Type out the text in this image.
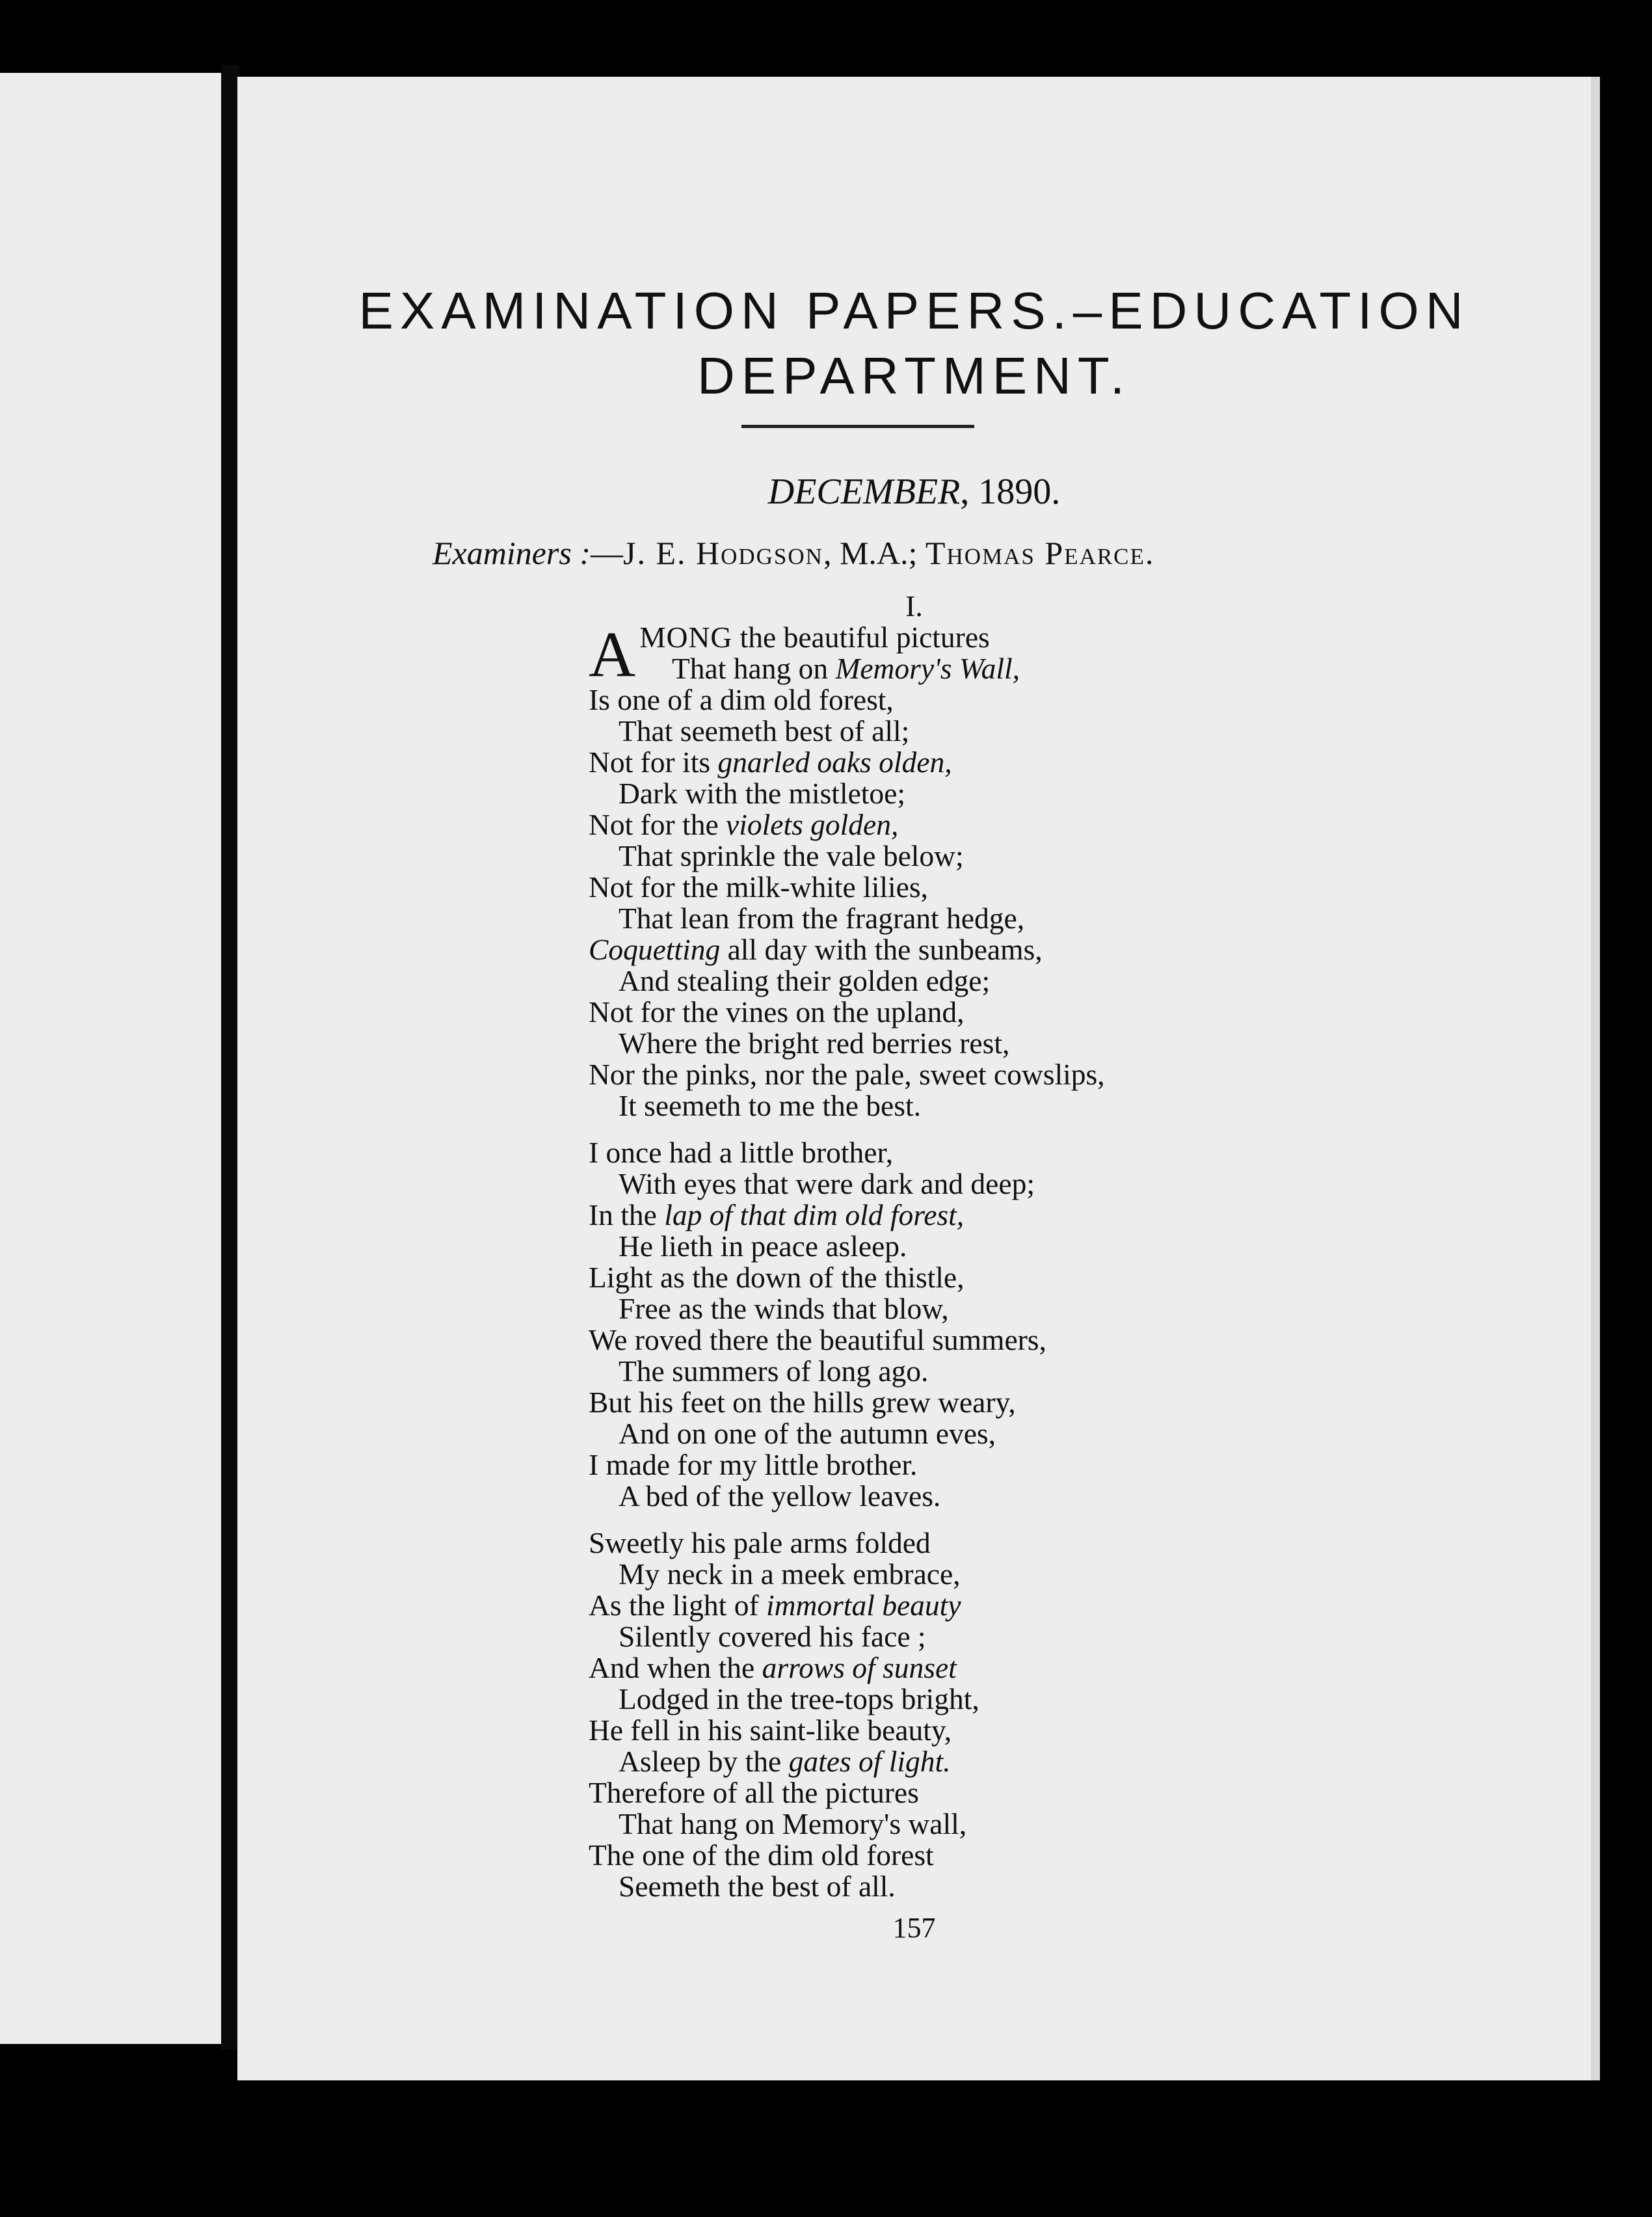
EXAMINATION PAPERS.–EDUCATION
DEPARTMENT.
DECEMBER, 1890.
Examiners :—J. E. Hodgson, M.A.; Thomas Pearce.
I.
A MONG the beautiful pictures
That hang on Memory's Wall,
Is one of a dim old forest,
That seemeth best of all;
Not for its gnarled oaks olden,
Dark with the mistletoe;
Not for the violets golden,
That sprinkle the vale below;
Not for the milk-white lilies,
That lean from the fragrant hedge,
Coquetting all day with the sunbeams,
And stealing their golden edge;
Not for the vines on the upland,
Where the bright red berries rest,
Nor the pinks, nor the pale, sweet cowslips,
It seemeth to me the best.
I once had a little brother,
With eyes that were dark and deep;
In the lap of that dim old forest,
He lieth in peace asleep.
Light as the down of the thistle,
Free as the winds that blow,
We roved there the beautiful summers,
The summers of long ago.
But his feet on the hills grew weary,
And on one of the autumn eves,
I made for my little brother.
A bed of the yellow leaves.
Sweetly his pale arms folded
My neck in a meek embrace,
As the light of immortal beauty
Silently covered his face ;
And when the arrows of sunset
Lodged in the tree-tops bright,
He fell in his saint-like beauty,
Asleep by the gates of light.
Therefore of all the pictures
That hang on Memory's wall,
The one of the dim old forest
Seemeth the best of all.
157
